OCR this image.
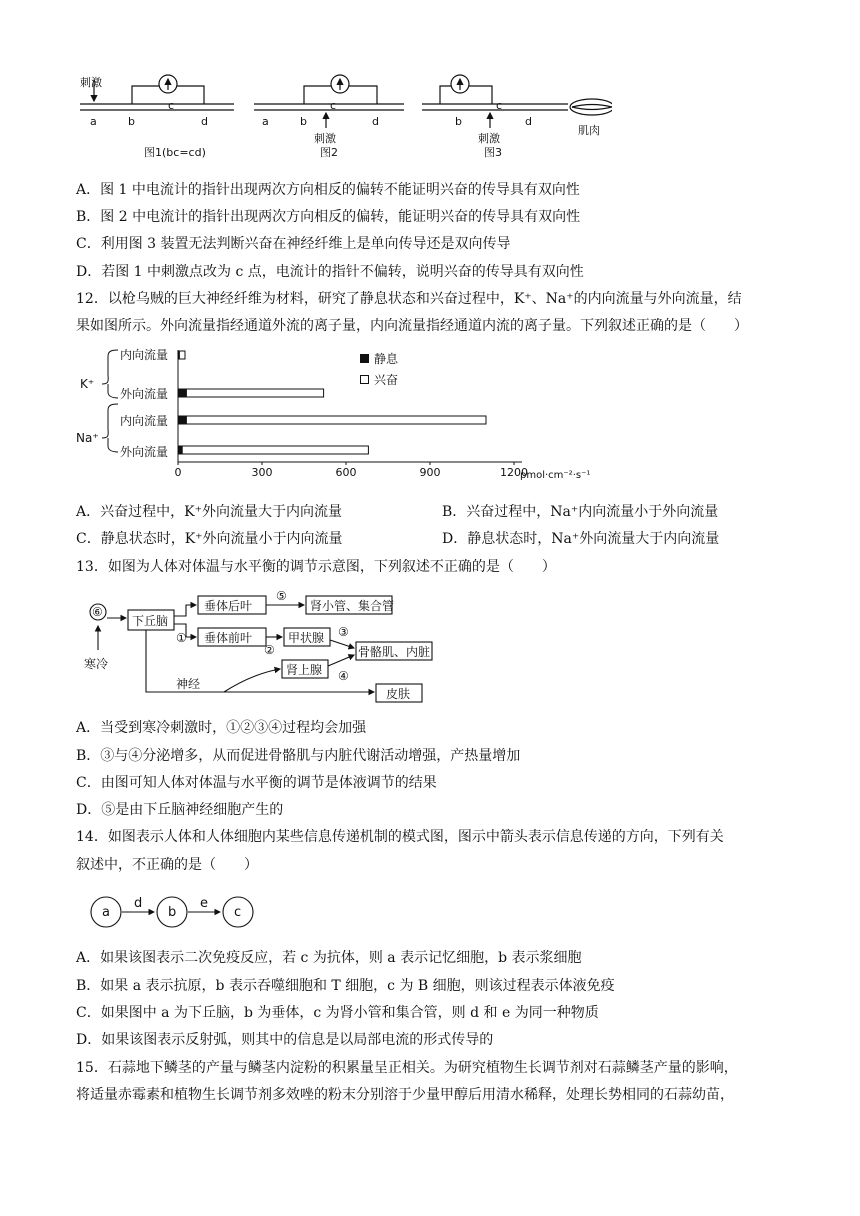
刺激
a	b
c
d
图1(bc=cd)
a	b
c
d
刺激
图2
b
c
d
刺激
图3
肌肉
A．图 1 中电流计的指针出现两次方向相反的偏转不能证明兴奋的传导具有双向性
B．图 2 中电流计的指针出现两次方向相反的偏转，能证明兴奋的传导具有双向性
C．利用图 3 装置无法判断兴奋在神经纤维上是单向传导还是双向传导
D．若图 1 中刺激点改为 c 点，电流计的指针不偏转，说明兴奋的传导具有双向性
12．以枪乌贼的巨大神经纤维为材料，研究了静息状态和兴奋过程中，K⁺、Na⁺的内向流量与外向流量，结
果如图所示。外向流量指经通道外流的离子量，内向流量指经通道内流的离子量。下列叙述正确的是（　　）
K⁺
Na⁺
内向流量
外向流量
内向流量
外向流量
0	300	600	900	1200
pmol·cm⁻²·s⁻¹
静息
兴奋
A．兴奋过程中，K⁺外向流量大于内向流量	B．兴奋过程中，Na⁺内向流量小于外向流量
C．静息状态时，K⁺外向流量小于内向流量	D．静息状态时，Na⁺外向流量大于内向流量
13．如图为人体对体温与水平衡的调节示意图，下列叙述不正确的是（　　）
⑥
下丘脑
垂体后叶
垂体前叶
⑤
肾小管、集合管
①	甲状腺
②
③
骨骼肌、内脏
肾上腺 ④
神经
皮肤
寒冷
A．当受到寒冷刺激时，①②③④过程均会加强
B．③与④分泌增多，从而促进骨骼肌与内脏代谢活动增强，产热量增加
C．由图可知人体对体温与水平衡的调节是体液调节的结果
D．⑤是由下丘脑神经细胞产生的
14．如图表示人体和人体细胞内某些信息传递机制的模式图，图示中箭头表示信息传递的方向，下列有关
叙述中，不正确的是（　　）
a	b	c
d	e
A．如果该图表示二次免疫反应，若 c 为抗体，则 a 表示记忆细胞，b 表示浆细胞
B．如果 a 表示抗原，b 表示吞噬细胞和 T 细胞，c 为 B 细胞，则该过程表示体液免疫
C．如果图中 a 为下丘脑，b 为垂体，c 为肾小管和集合管，则 d 和 e 为同一种物质
D．如果该图表示反射弧，则其中的信息是以局部电流的形式传导的
15．石蒜地下鳞茎的产量与鳞茎内淀粉的积累量呈正相关。为研究植物生长调节剂对石蒜鳞茎产量的影响，
将适量赤霉素和植物生长调节剂多效唑的粉末分别溶于少量甲醇后用清水稀释，处理长势相同的石蒜幼苗，
